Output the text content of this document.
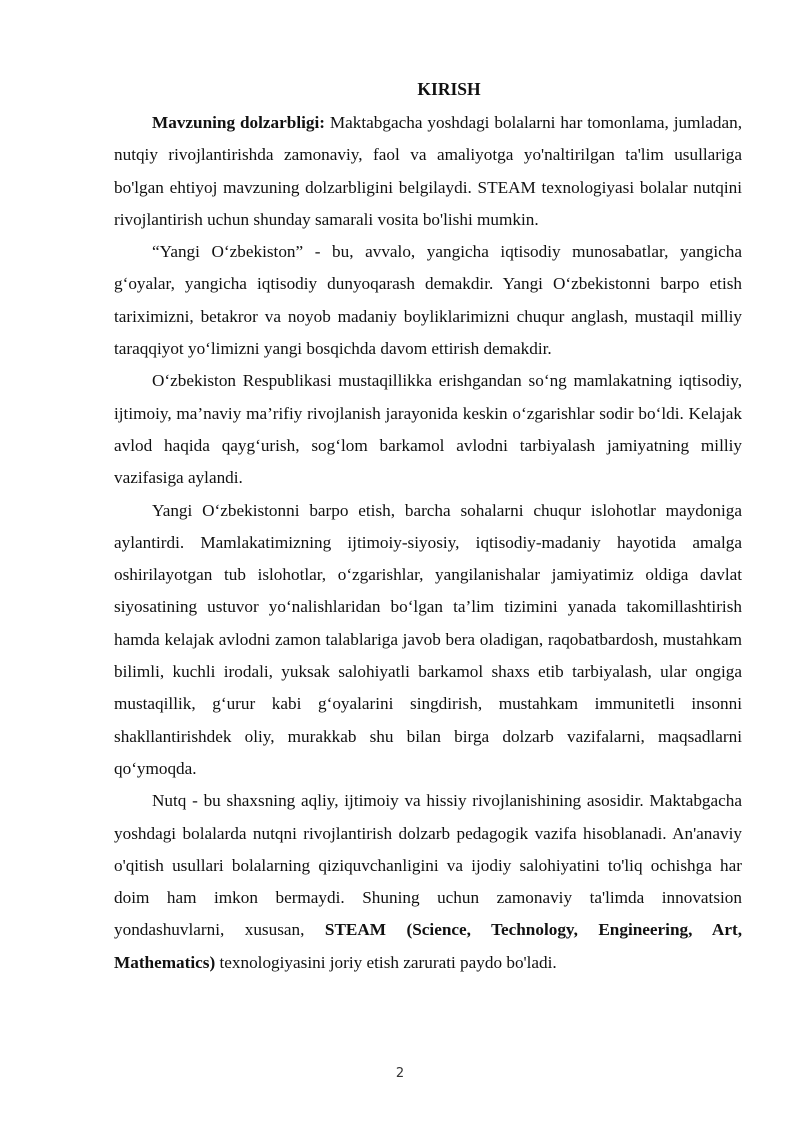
KIRISH

Mavzuning dolzarbligi: Maktabgacha yoshdagi bolalarni har tomonlama, jumladan, nutqiy rivojlantirishda zamonaviy, faol va amaliyotga yo'naltirilgan ta'lim usullariga bo'lgan ehtiyoj mavzuning dolzarbligini belgilaydi. STEAM texnologiyasi bolalar nutqini rivojlantirish uchun shunday samarali vosita bo'lishi mumkin.

“Yangi O‘zbekiston” - bu, avvalo, yangicha iqtisodiy munosabatlar, yangicha g‘oyalar, yangicha iqtisodiy dunyoqarash demakdir. Yangi O‘zbekistonni barpo etish tariximizni, betakror va noyob madaniy boyliklarimizni chuqur anglash, mustaqil milliy taraqqiyot yo‘limizni yangi bosqichda davom ettirish demakdir.

O‘zbekiston Respublikasi mustaqillikka erishgandan so‘ng mamlakatning iqtisodiy, ijtimoiy, ma’naviy ma’rifiy rivojlanish jarayonida keskin o‘zgarishlar sodir bo‘ldi. Kelajak avlod haqida qayg‘urish, sog‘lom barkamol avlodni tarbiyalash jamiyatning milliy vazifasiga aylandi.

Yangi O‘zbekistonni barpo etish, barcha sohalarni chuqur islohotlar maydoniga aylantirdi. Mamlakatimizning ijtimoiy-siyosiy, iqtisodiy-madaniy hayotida amalga oshirilayotgan tub islohotlar, o‘zgarishlar, yangilanishalar jamiyatimiz oldiga davlat siyosatining ustuvor yo‘nalishlaridan bo‘lgan ta’lim tizimini yanada takomillashtirish hamda kelajak avlodni zamon talablariga javob bera oladigan, raqobatbardosh, mustahkam bilimli, kuchli irodali, yuksak salohiyatli barkamol shaxs etib tarbiyalash, ular ongiga mustaqillik, g‘urur kabi g‘oyalarini singdirish, mustahkam immunitetli insonni shakllantirishdek oliy, murakkab shu bilan birga dolzarb vazifalarni, maqsadlarni qo‘ymoqda.

Nutq - bu shaxsning aqliy, ijtimoiy va hissiy rivojlanishining asosidir. Maktabgacha yoshdagi bolalarda nutqni rivojlantirish dolzarb pedagogik vazifa hisoblanadi. An'anaviy o'qitish usullari bolalarning qiziquvchanligini va ijodiy salohiyatini to'liq ochishga har doim ham imkon bermaydi. Shuning uchun zamonaviy ta'limda innovatsion yondashuvlarni, xususan, STEAM (Science, Technology, Engineering, Art, Mathematics) texnologiyasini joriy etish zarurati paydo bo'ladi.

2
